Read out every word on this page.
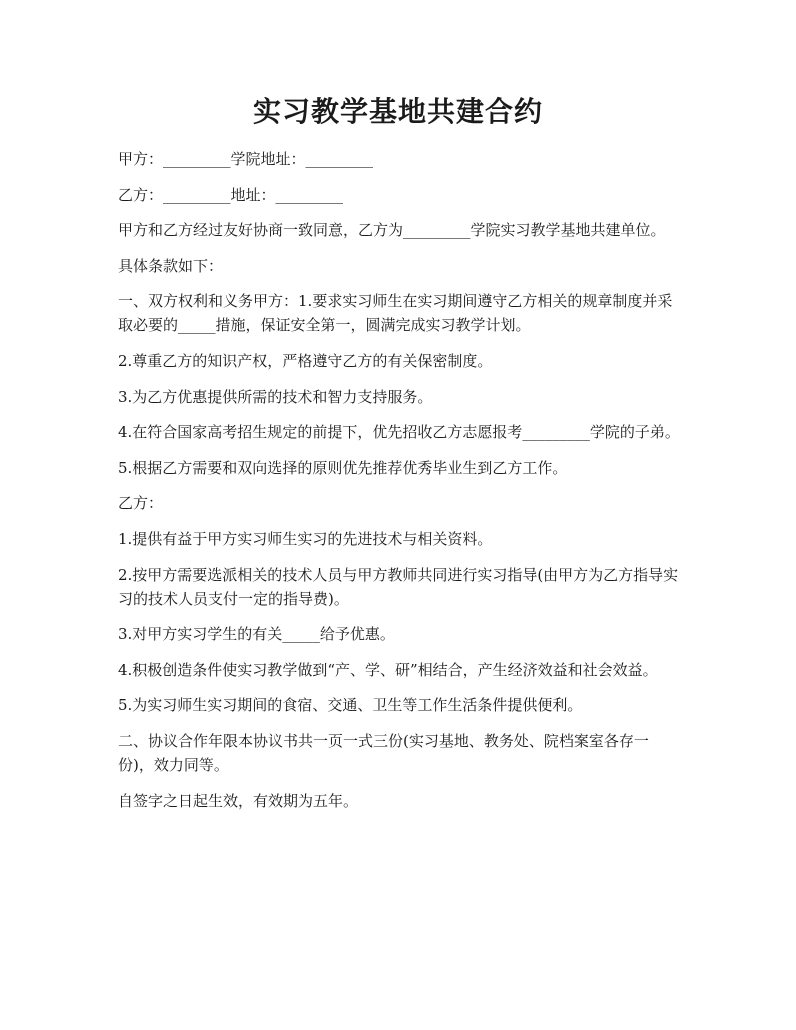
实习教学基地共建合约

甲方：_________学院地址：_________

乙方：_________地址：_________

甲方和乙方经过友好协商一致同意，乙方为_________学院实习教学基地共建单位。

具体条款如下：

一、双方权利和义务甲方：1.要求实习师生在实习期间遵守乙方相关的规章制度并采取必要的_____措施，保证安全第一，圆满完成实习教学计划。

2.尊重乙方的知识产权，严格遵守乙方的有关保密制度。

3.为乙方优惠提供所需的技术和智力支持服务。

4.在符合国家高考招生规定的前提下，优先招收乙方志愿报考_________学院的子弟。

5.根据乙方需要和双向选择的原则优先推荐优秀毕业生到乙方工作。

乙方：

1.提供有益于甲方实习师生实习的先进技术与相关资料。

2.按甲方需要选派相关的技术人员与甲方教师共同进行实习指导(由甲方为乙方指导实习的技术人员支付一定的指导费)。

3.对甲方实习学生的有关_____给予优惠。

4.积极创造条件使实习教学做到“产、学、研”相结合，产生经济效益和社会效益。

5.为实习师生实习期间的食宿、交通、卫生等工作生活条件提供便利。

二、协议合作年限本协议书共一页一式三份(实习基地、教务处、院档案室各存一份)，效力同等。

自签字之日起生效，有效期为五年。
